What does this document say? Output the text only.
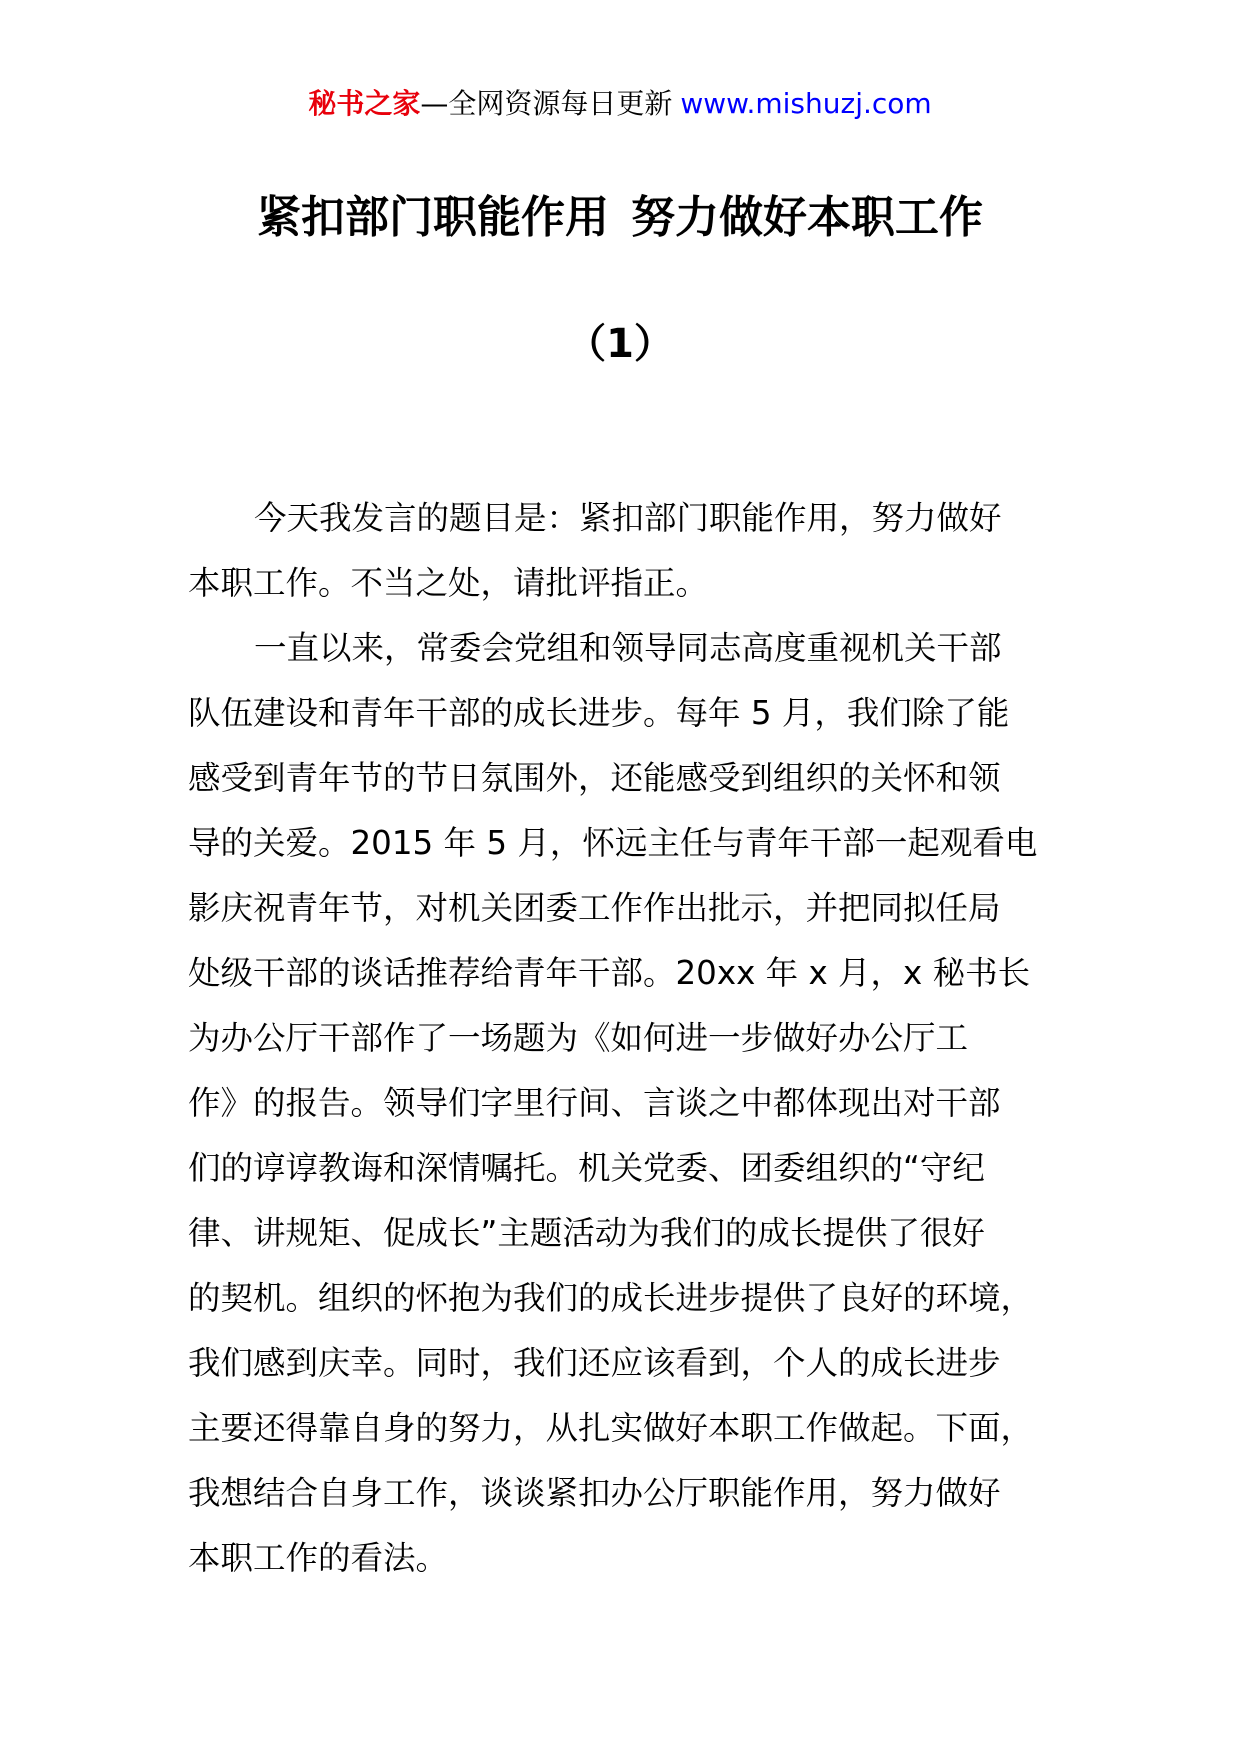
秘书之家—全网资源每日更新 www.mishuzj.com
紧扣部门职能作用 努力做好本职工作
（1）
今天我发言的题目是：紧扣部门职能作用，努力做好
本职工作。不当之处，请批评指正。
一直以来，常委会党组和领导同志高度重视机关干部
队伍建设和青年干部的成长进步。每年 5 月，我们除了能
感受到青年节的节日氛围外，还能感受到组织的关怀和领
导的关爱。2015 年 5 月，怀远主任与青年干部一起观看电
影庆祝青年节，对机关团委工作作出批示，并把同拟任局
处级干部的谈话推荐给青年干部。20xx 年 x 月，x 秘书长
为办公厅干部作了一场题为《如何进一步做好办公厅工
作》的报告。领导们字里行间、言谈之中都体现出对干部
们的谆谆教诲和深情嘱托。机关党委、团委组织的“守纪
律、讲规矩、促成长”主题活动为我们的成长提供了很好
的契机。组织的怀抱为我们的成长进步提供了良好的环境，
我们感到庆幸。同时，我们还应该看到，个人的成长进步
主要还得靠自身的努力，从扎实做好本职工作做起。下面，
我想结合自身工作，谈谈紧扣办公厅职能作用，努力做好
本职工作的看法。
